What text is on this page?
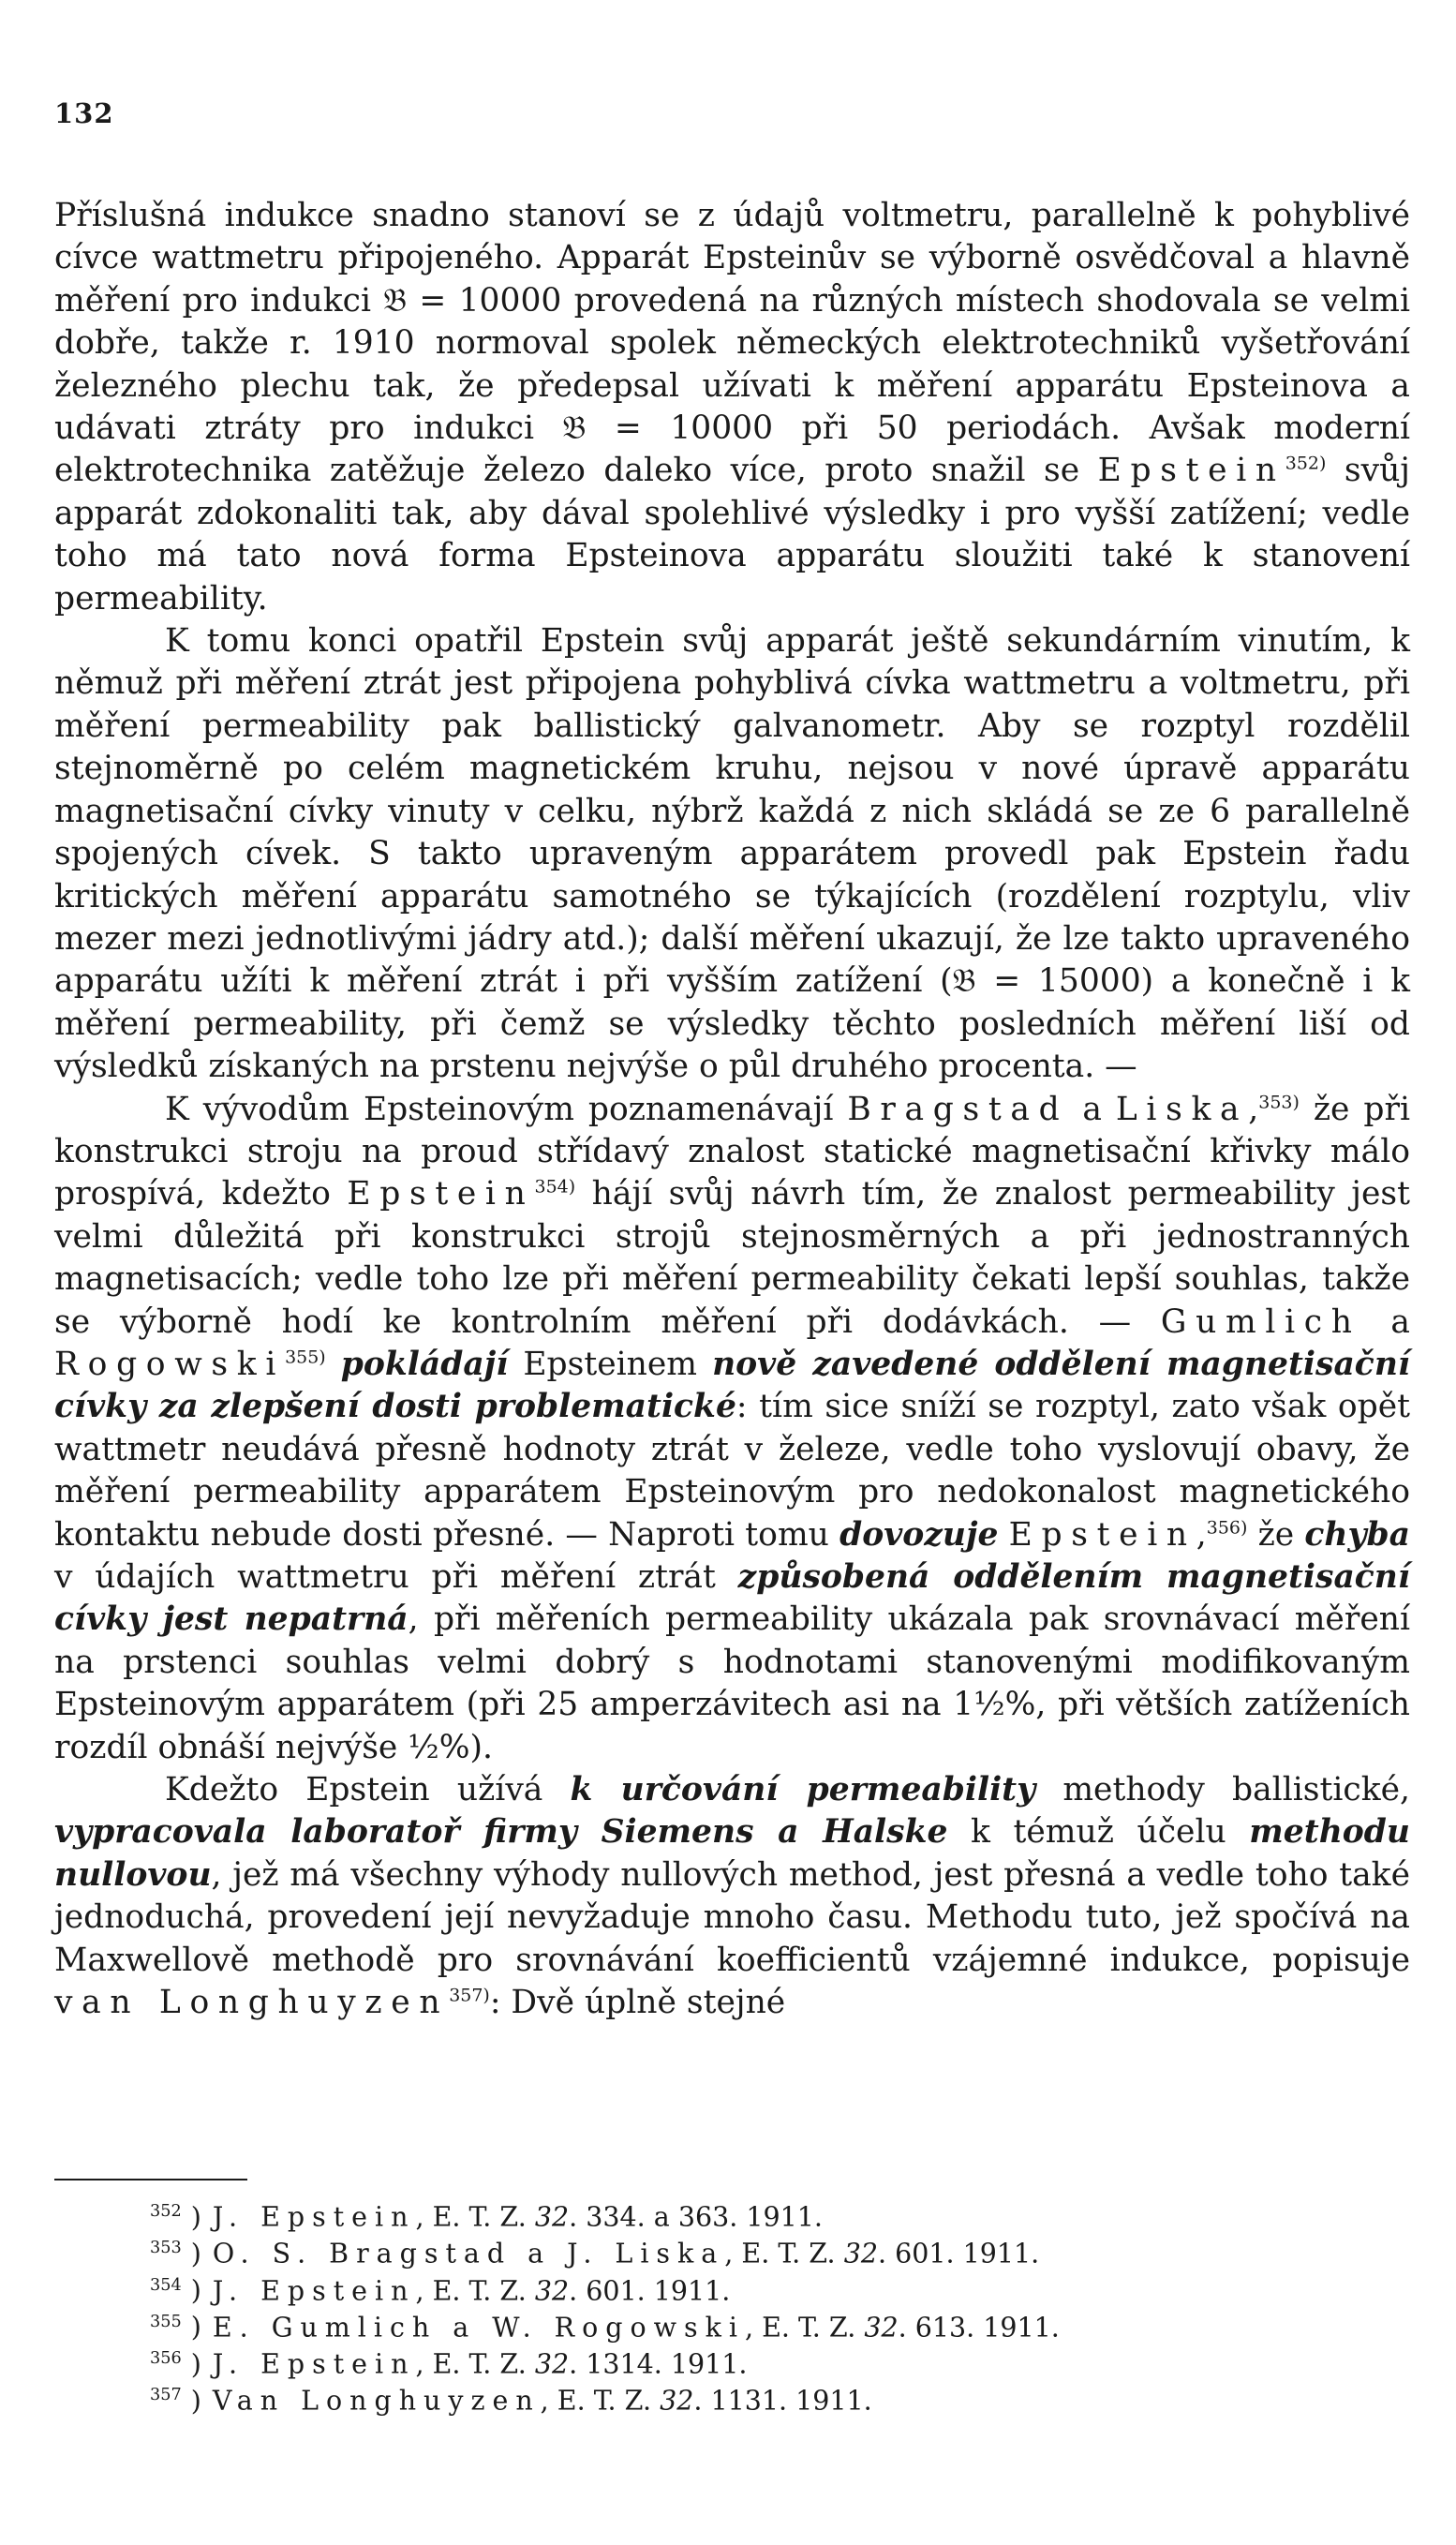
132

Příslušná indukce snadno stanoví se z údajů voltmetru, parallelně k pohyblivé cívce wattmetru připojeného. Apparát Epsteinův se výborně osvědčoval a hlavně měření pro indukci 𝔅 = 10000 provedená na různých místech shodovala se velmi dobře, takže r. 1910 normoval spolek německých elektrotechniků vyšetřování železného plechu tak, že předepsal užívati k měření apparátu Epsteinova a udávati ztráty pro indukci 𝔅 = 10000 při 50 periodách. Avšak moderní elektrotechnika zatěžuje železo daleko více, proto snažil se Epstein$^{352)}$ svůj apparát zdokonaliti tak, aby dával spolehlivé výsledky i pro vyšší zatížení; vedle toho má tato nová forma Epsteinova apparátu sloužiti také k stanovení permeability.

K tomu konci opatřil Epstein svůj apparát ještě sekundárním vinutím, k němuž při měření ztrát jest připojena pohyblivá cívka wattmetru a voltmetru, při měření permeability pak ballistický galvanometr. Aby se rozptyl rozdělil stejnoměrně po celém magnetickém kruhu, nejsou v nové úpravě apparátu magnetisační cívky vinuty v celku, nýbrž každá z nich skládá se ze 6 parallelně spojených cívek. S takto upraveným apparátem provedl pak Epstein řadu kritických měření apparátu samotného se týkajících (rozdělení rozptylu, vliv mezer mezi jednotlivými jádry atd.); další měření ukazují, že lze takto upraveného apparátu užíti k měření ztrát i při vyšším zatížení (𝔅 = 15000) a konečně i k měření permeability, při čemž se výsledky těchto posledních měření liší od výsledků získaných na prstenu nejvýše o půl druhého procenta. —

K vývodům Epsteinovým poznamenávají Bragstad a Liska,$^{353)}$ že při konstrukci stroju na proud střídavý znalost statické magnetisační křivky málo prospívá, kdežto Epstein$^{354)}$ hájí svůj návrh tím, že znalost permeability jest velmi důležitá při konstrukci strojů stejnosměrných a při jednostranných magnetisacích; vedle toho lze při měření permeability čekati lepší souhlas, takže se výborně hodí ke kontrolním měření při dodávkách. — Gumlich a Rogowski$^{355)}$ pokládají Epsteinem nově zavedené oddělení magnetisační cívky za zlepšení dosti problematické: tím sice sníží se rozptyl, zato však opět wattmetr neudává přesně hodnoty ztrát v železe, vedle toho vyslovují obavy, že měření permeability apparátem Epsteinovým pro nedokonalost magnetického kontaktu nebude dosti přesné. — Naproti tomu dovozuje Epstein,$^{356)}$ že chyba v údajích wattmetru při měření ztrát způsobená oddělením magnetisační cívky jest nepatrná, při měřeních permeability ukázala pak srovnávací měření na prstenci souhlas velmi dobrý s hodnotami stanovenými modifikovaným Epsteinovým apparátem (při 25 amperzávitech asi na 1½%, při větších zatíženích rozdíl obnáší nejvýše ½%).

Kdežto Epstein užívá k určování permeability methody ballistické, vypracovala laboratoř firmy Siemens a Halske k témuž účelu methodu nullovou, jež má všechny výhody nullových method, jest přesná a vedle toho také jednoduchá, provedení její nevyžaduje mnoho času. Methodu tuto, jež spočívá na Maxwellově methodě pro srovnávání koefficientů vzájemné indukce, popisuje van Longhuyzen$^{357)}$: Dvě úplně stejné

$^{352}$ ) J. Epstein, E. T. Z. 32. 334. a 363. 1911.
$^{353}$ ) O. S. Bragstad a J. Liska, E. T. Z. 32. 601. 1911.
$^{354}$ ) J. Epstein, E. T. Z. 32. 601. 1911.
$^{355}$ ) E. Gumlich a W. Rogowski, E. T. Z. 32. 613. 1911.
$^{356}$ ) J. Epstein, E. T. Z. 32. 1314. 1911.
$^{357}$ ) Van Longhuyzen, E. T. Z. 32. 1131. 1911.
